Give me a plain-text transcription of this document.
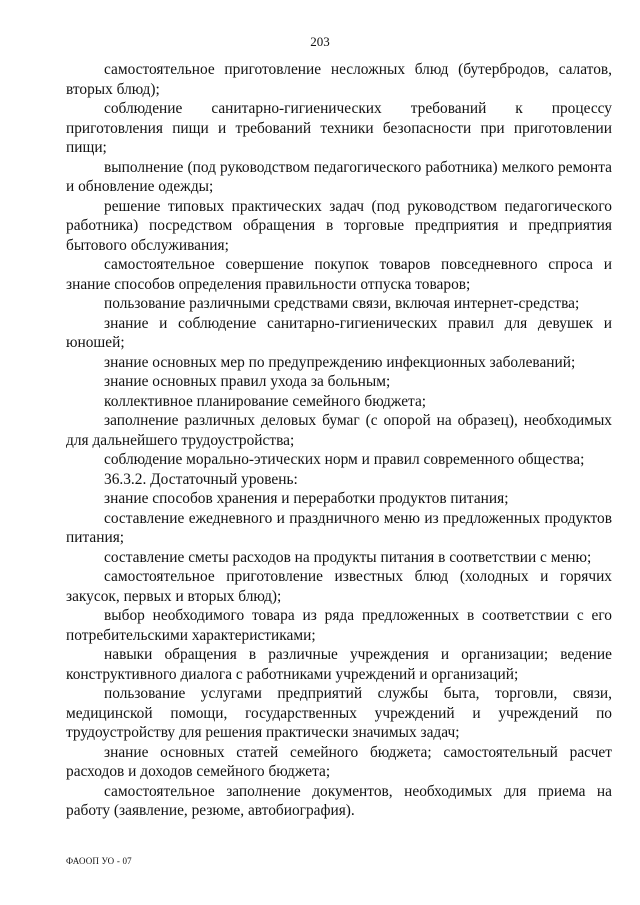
203

самостоятельное приготовление несложных блюд (бутербродов, салатов, вторых блюд);

соблюдение санитарно-гигиенических требований к процессу приготовления пищи и требований техники безопасности при приготовлении пищи;

выполнение (под руководством педагогического работника) мелкого ремонта и обновление одежды;

решение типовых практических задач (под руководством педагогического работника) посредством обращения в торговые предприятия и предприятия бытового обслуживания;

самостоятельное совершение покупок товаров повседневного спроса и знание способов определения правильности отпуска товаров;

пользование различными средствами связи, включая интернет-средства;

знание и соблюдение санитарно-гигиенических правил для девушек и юношей;

знание основных мер по предупреждению инфекционных заболеваний;

знание основных правил ухода за больным;

коллективное планирование семейного бюджета;

заполнение различных деловых бумаг (с опорой на образец), необходимых для дальнейшего трудоустройства;

соблюдение морально-этических норм и правил современного общества;

36.3.2. Достаточный уровень:

знание способов хранения и переработки продуктов питания;

составление ежедневного и праздничного меню из предложенных продуктов питания;

составление сметы расходов на продукты питания в соответствии с меню;

самостоятельное приготовление известных блюд (холодных и горячих закусок, первых и вторых блюд);

выбор необходимого товара из ряда предложенных в соответствии с его потребительскими характеристиками;

навыки обращения в различные учреждения и организации; ведение конструктивного диалога с работниками учреждений и организаций;

пользование услугами предприятий службы быта, торговли, связи, медицинской помощи, государственных учреждений и учреждений по трудоустройству для решения практически значимых задач;

знание основных статей семейного бюджета; самостоятельный расчет расходов и доходов семейного бюджета;

самостоятельное заполнение документов, необходимых для приема на работу (заявление, резюме, автобиография).

ФАООП УО - 07
